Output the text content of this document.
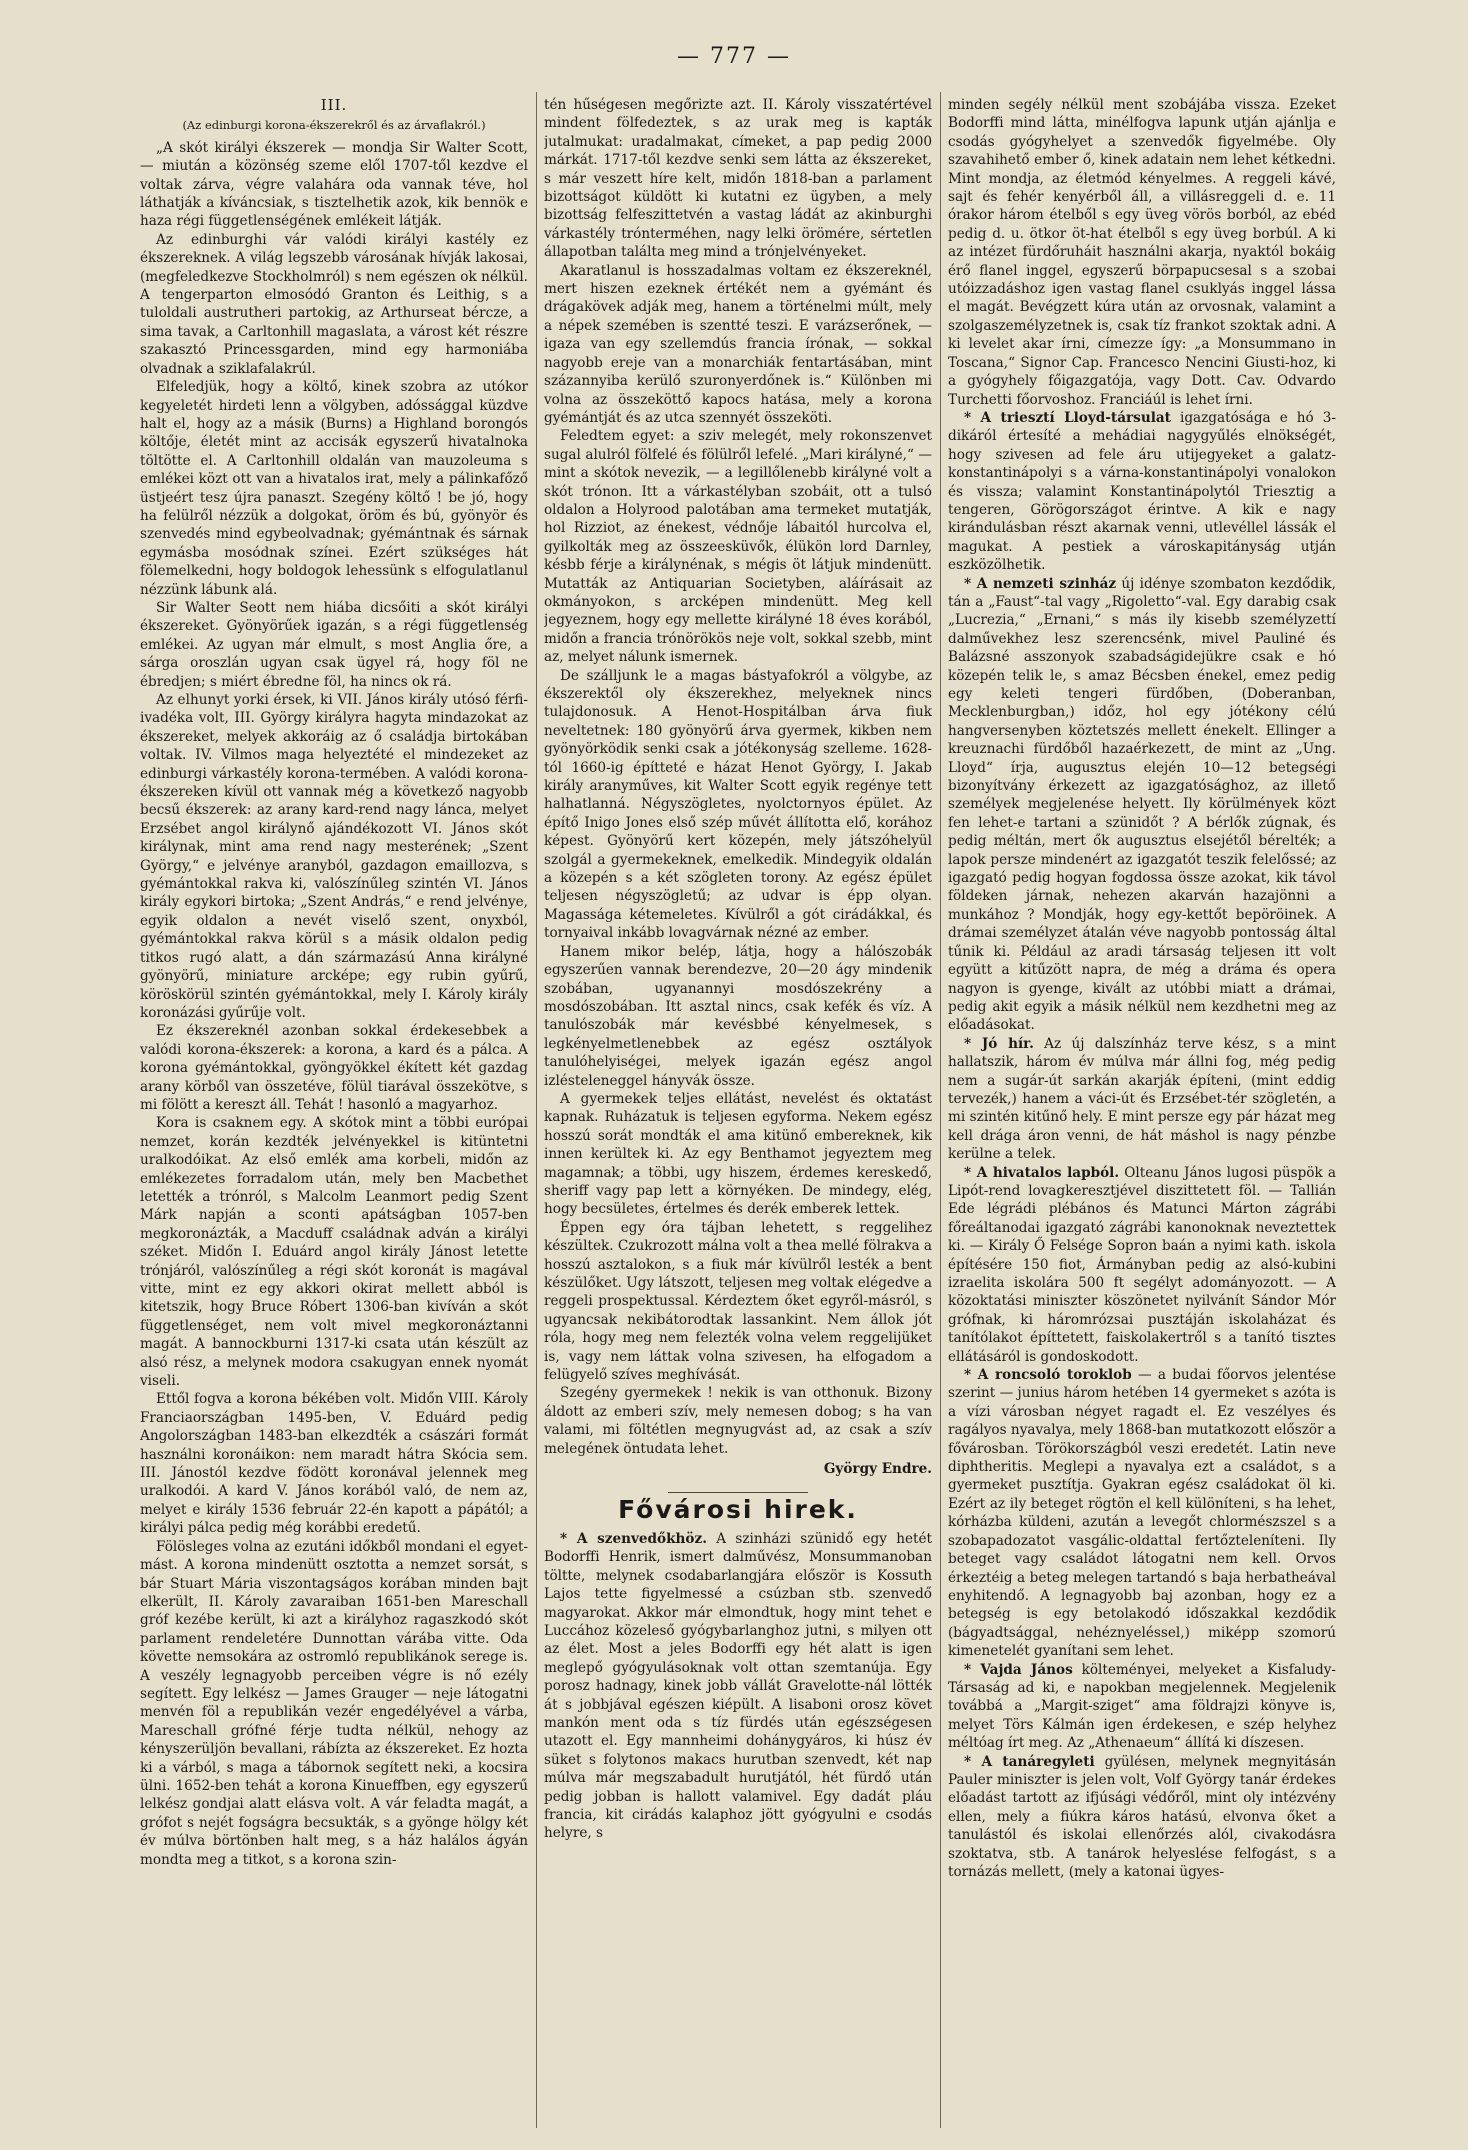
— 777 —
III.
(Az edinburgi korona-ékszerekről és az árvaflakról.)

„A skót királyi ékszerek — mondja Sir Walter Scott, — miután a közönség szeme elől 1707-től kezdve el voltak zárva, végre valahára oda vannak téve, hol láthatják a kíváncsiak, s tisztelhetik azok, kik bennök e haza régi függetlenségének emlékeit látják.

Az edinburghi vár valódi királyi kastély ez ékszereknek. A világ legszebb városának hívják lakosai, (megfeledkezve Stockholmról) s nem egészen ok nélkül. A tengerparton elmosódó Granton és Leithig, s a tuloldali austrutheri partokig, az Arthurseat bércze, a sima tavak, a Carltonhill magaslata, a várost két részre szakasztó Princessgarden, mind egy harmoniába olvadnak a sziklafalakrúl.

Elfeledjük, hogy a költő, kinek szobra az utókor kegyeletét hirdeti lenn a völgyben, adóssággal küzdve halt el, hogy az a másik (Burns) a Highland borongós költője, életét mint az accisák egyszerű hivatalnoka töltötte el. A Carltonhill oldalán van mauzoleuma s emlékei közt ott van a hivatalos irat, mely a pálinkafőző üstjeért tesz újra panaszt. Szegény költő ! be jó, hogy ha felülről nézzük a dolgokat, öröm és bú, gyönyör és szenvedés mind egybeolvadnak; gyémántnak és sárnak egymásba mosódnak színei. Ezért szükséges hát fölemelkedni, hogy boldogok lehessünk s elfogulatlanul nézzünk lábunk alá.

Sir Walter Seott nem hiába dicsőiti a skót királyi ékszereket. Gyönyörűek igazán, s a régi függetlenség emlékei. Az ugyan már elmult, s most Anglia őre, a sárga oroszlán ugyan csak ügyel rá, hogy föl ne ébredjen; s miért ébredne föl, ha nincs ok rá.

Az elhunyt yorki érsek, ki VII. János király utósó férfi-ivadéka volt, III. György királyra hagyta mindazokat az ékszereket, melyek akkoráig az ő családja birtokában voltak. IV. Vilmos maga helyeztété el mindezeket az edinburgi várkastély korona-termében. A valódi korona-ékszereken kívül ott vannak még a következő nagyobb becsű ékszerek: az arany kard-rend nagy lánca, melyet Erzsébet angol királynő ajándékozott VI. János skót királynak, mint ama rend nagy mesterének; „Szent György,“ e jelvénye aranyból, gazdagon emaillozva, s gyémántokkal rakva ki, valószínűleg szintén VI. János király egykori birtoka; „Szent András,“ e rend jelvénye, egyik oldalon a nevét viselő szent, onyxból, gyémántokkal rakva körül s a másik oldalon pedig titkos rugó alatt, a dán származású Anna királyné gyönyörű, miniature arcképe; egy rubin gyűrű, köröskörül szintén gyémántokkal, mely I. Károly király koronázási gyűrűje volt.

Ez ékszereknél azonban sokkal érdekesebbek a valódi korona-ékszerek: a korona, a kard és a pálca. A korona gyémántokkal, gyöngyökkel ékített két gazdag arany körből van összetéve, fölül tiarával összekötve, s mi fölött a kereszt áll. Tehát ! hasonló a magyarhoz.

Kora is csaknem egy. A skótok mint a többi európai nemzet, korán kezdték jelvényekkel is kitüntetni uralkodóikat. Az első emlék ama korbeli, midőn az emlékezetes forradalom után, mely ben Macbethet letették a trónról, s Malcolm Leanmort pedig Szent Márk napján a sconti apátságban 1057-ben megkoronázták, a Macduff családnak adván a királyi széket. Midőn I. Eduárd angol király Jánost letette trónjáról, valószínűleg a régi skót koronát is magával vitte, mint ez egy akkori okirat mellett abból is kitetszik, hogy Bruce Róbert 1306-ban kivíván a skót függetlenséget, nem volt mivel megkoronáztanni magát. A bannockburni 1317-ki csata után készült az alsó rész, a melynek modora csakugyan ennek nyomát viseli.

Ettől fogva a korona békében volt. Midőn VIII. Károly Franciaországban 1495-ben, V. Eduárd pedig Angolországban 1483-ban elkezdték a császári formát használni koronáikon: nem maradt hátra Skócia sem. III. Jánostól kezdve födött koronával jelennek meg uralkodói. A kard V. János korából való, de nem az, melyet e király 1536 február 22-én kapott a pápától; a királyi pálca pedig még korábbi eredetű.

Fölösleges volna az ezutáni időkből mondani el egyet-mást. A korona mindenütt osztotta a nemzet sorsát, s bár Stuart Mária viszontagságos korában minden bajt elkerült, II. Károly zavaraiban 1651-ben Mareschall gróf kezébe került, ki azt a királyhoz ragaszkodó skót parlament rendeletére Dunnottan várába vitte. Oda követte nemsokára az ostromló republikánok serege is. A veszély legnagyobb perceiben végre is nő ezély segített. Egy lelkész — James Grauger — neje látogatni menvén föl a republikán vezér engedélyével a várba, Mareschall grófné férje tudta nélkül, nehogy az kényszerüljön bevallani, rábízta az ékszereket. Ez hozta ki a várból, s maga a tábornok segített neki, a kocsira ülni. 1652-ben tehát a korona Kinueffben, egy egyszerű lelkész gondjai alatt elásva volt. A vár feladta magát, a grófot s nejét fogságra becsukták, s a gyönge hölgy két év múlva börtönben halt meg, s a ház halálos ágyán mondta meg a titkot, s a korona szin-

tén hűségesen megőrizte azt. II. Károly visszatértével mindent fölfedeztek, s az urak meg is kapták jutalmukat: uradalmakat, címeket, a pap pedig 2000 márkát. 1717-től kezdve senki sem látta az ékszereket, s már veszett híre kelt, midőn 1818-ban a parlament bizottságot küldött ki kutatni ez ügyben, a mely bizottság felfeszittetvén a vastag ládát az akinburghi várkastély trónterméhen, nagy lelki örömére, sértetlen állapotban találta meg mind a trónjelvényeket.

Akaratlanul is hosszadalmas voltam ez ékszereknél, mert hiszen ezeknek értékét nem a gyémánt és drágakövek adják meg, hanem a történelmi múlt, mely a népek szemében is szentté teszi. E varázserőnek, — igaza van egy szellemdús francia írónak, — sokkal nagyobb ereje van a monarchiák fentartásában, mint százannyiba kerülő szuronyerdőnek is.“ Különben mi volna az összeköttő kapocs hatása, mely a korona gyémántját és az utca szennyét összeköti.

Feledtem egyet: a sziv melegét, mely rokonszenvet sugal alulról fölfelé és fölülről lefelé. „Mari királyné,“ — mint a skótok nevezik, — a legillőlenebb királyné volt a skót trónon. Itt a várkastélyban szobáit, ott a tulsó oldalon a Holyrood palotában ama termeket mutatják, hol Rizziot, az énekest, védnője lábaitól hurcolva el, gyilkolták meg az összeesküvők, élükön lord Darnley, késbb férje a királynénak, s mégis öt látjuk mindenütt. Mutatták az Antiquarian Societyben, aláírásait az okmányokon, s arcképen mindenütt. Meg kell jegyeznem, hogy egy mellette királyné 18 éves korából, midőn a francia trónörökös neje volt, sokkal szebb, mint az, melyet nálunk ismernek.

De szálljunk le a magas bástyafokról a völgybe, az ékszerektől oly ékszerekhez, melyeknek nincs tulajdonosuk. A Henot-Hospitálban árva fiuk neveltetnek: 180 gyönyörű árva gyermek, kikben nem gyönyörködik senki csak a jótékonyság szelleme. 1628-tól 1660-ig építteté e házat Henot György, I. Jakab király aranyműves, kit Walter Scott egyik regénye tett halhatlanná. Négyszögletes, nyolctornyos épület. Az építő Inigo Jones első szép művét állította elő, korához képest. Gyönyörű kert közepén, mely játszóhelyül szolgál a gyermekeknek, emelkedik. Mindegyik oldalán a közepén s a két szögleten torony. Az egész épület teljesen négyszögletű; az udvar is épp olyan. Magassága kétemeletes. Kívülről a gót cirádákkal, és tornyaival inkább lovagvárnak nézné az ember.

Hanem mikor belép, látja, hogy a hálószobák egyszerűen vannak berendezve, 20—20 ágy mindenik szobában, ugyanannyi mosdószekrény a mosdószobában. Itt asztal nincs, csak kefék és víz. A tanulószobák már kevésbbé kényelmesek, s legkényelmetlenebbek az egész osztályok tanulóhelyiségei, melyek igazán egész angol izlésteleneggel hányvák össze.

A gyermekek teljes ellátást, nevelést és oktatást kapnak. Ruházatuk is teljesen egyforma. Nekem egész hosszú sorát mondták el ama kitünő embereknek, kik innen kerültek ki. Az egy Benthamot jegyeztem meg magamnak; a többi, ugy hiszem, érdemes kereskedő, sheriff vagy pap lett a környéken. De mindegy, elég, hogy becsületes, értelmes és derék emberek lettek.

Éppen egy óra tájban lehetett, s reggelihez készültek. Czukrozott málna volt a thea mellé fölrakva a hosszú asztalokon, s a fiuk már kívülről lesték a bent készülőket. Ugy látszott, teljesen meg voltak elégedve a reggeli prospektussal. Kérdeztem őket egyről-másról, s ugyancsak nekibátorodtak lassankint. Nem állok jót róla, hogy meg nem felezték volna velem reggelijüket is, vagy nem láttak volna szivesen, ha elfogadom a felügyelő szíves meghívását.

Szegény gyermekek ! nekik is van otthonuk. Bizony áldott az emberi szív, mely nemesen dobog; s ha van valami, mi föltétlen megnyugvást ad, az csak a szív melegének öntudata lehet.

György Endre.
Fővárosi hirek.

* A szenvedőkhöz. A szinházi szünidő egy hetét Bodorffi Henrik, ismert dalművész, Monsummanoban töltte, melynek csodabarlangjára először is Kossuth Lajos tette figyelmessé a csúzban stb. szenvedő magyarokat. Akkor már elmondtuk, hogy mint tehet e Luccához közeleső gyógybarlanghoz jutni, s milyen ott az élet. Most a jeles Bodorffi egy hét alatt is igen meglepő gyógyulásoknak volt ottan szemtanúja. Egy porosz hadnagy, kinek jobb vállát Gravelotte-nál lötték át s jobbjával egészen kiépült. A lisaboni orosz követ mankón ment oda s tíz fürdés után egészségesen utazott el. Egy mannheimi dohánygyáros, ki húsz év süket s folytonos makacs hurutban szenvedt, két nap múlva már megszabadult hurutjától, hét fürdő után pedig jobban is hallott valamivel. Egy dadát pláu francia, kit cirádás kalaphoz jött gyógyulni e csodás helyre, s

minden segély nélkül ment szobájába vissza. Ezeket Bodorffi mind látta, minélfogva lapunk utján ajánlja e csodás gyógyhelyet a szenvedők figyelmébe. Oly szavahihető ember ő, kinek adatain nem lehet kétkedni. Mint mondja, az életmód kényelmes. A reggeli kávé, sajt és fehér kenyérből áll, a villásreggeli d. e. 11 órakor három ételből s egy üveg vörös borból, az ebéd pedig d. u. ötkor öt-hat ételből s egy üveg borbúl. A ki az intézet fürdőruháit használni akarja, nyaktól bokáig érő flanel inggel, egyszerű börpapucsesal s a szobai utóizzadáshoz igen vastag flanel csuklyás inggel lássa el magát. Bevégzett kúra után az orvosnak, valamint a szolgaszemélyzetnek is, csak tíz frankot szoktak adni. A ki levelet akar írni, címezze így: „a Monsummano in Toscana,“ Signor Cap. Francesco Nencini Giusti-hoz, ki a gyógyhely főigazgatója, vagy Dott. Cav. Odvardo Turchetti főorvoshoz. Franciáúl is lehet írni.

* A triesztí Lloyd-társulat igazgatósága e hó 3-dikáról értesíté a mehádiai nagygyűlés elnökségét, hogy szivesen ad fele áru utijegyeket a galatz-konstantinápolyi s a várna-konstantinápolyi vonalokon és vissza; valamint Konstantinápolytól Triesztig a tengeren, Görögországot érintve. A kik e nagy kirándulásban részt akarnak venni, utlevéllel lássák el magukat. A pestiek a városkapitányság utján eszközölhetik.

* A nemzeti szinház új idénye szombaton kezdődik, tán a „Faust“-tal vagy „Rigoletto“-val. Egy darabig csak „Lucrezia,“ „Ernani,“ s más ily kisebb személyzettí dalművekhez lesz szerencsénk, mivel Pauliné és Balázsné asszonyok szabadságidejükre csak e hó közepén telik le, s amaz Bécsben énekel, emez pedig egy keleti tengeri fürdőben, (Doberanban, Mecklenburgban,) időz, hol egy jótékony célú hangversenyben köztetszés mellett énekelt. Ellinger a kreuznachi fürdőből hazaérkezett, de mint az „Ung. Lloyd“ írja, augusztus elején 10—12 betegségi bizonyítvány érkezett az igazgatósághoz, az illető személyek megjelenése helyett. Ily körülmények közt fen lehet-e tartani a szünidőt ? A bérlők zúgnak, és pedig méltán, mert ők augusztus elsejétől bérelték; a lapok persze mindenért az igazgatót teszik felelőssé; az igazgató pedig hogyan fogdossa össze azokat, kik távol földeken járnak, nehezen akarván hazajönni a munkához ? Mondják, hogy egy-kettőt bepöröinek. A drámai személyzet átalán véve nagyobb pontosság által tűnik ki. Például az aradi társaság teljesen itt volt együtt a kitűzött napra, de még a dráma és opera nagyon is gyenge, kivált az utóbbi miatt a drámai, pedig akit egyik a másik nélkül nem kezdhetni meg az előadásokat.

* Jó hír. Az új dalszínház terve kész, s a mint hallatszik, három év múlva már állni fog, még pedig nem a sugár-út sarkán akarják építeni, (mint eddig tervezék,) hanem a váci-út és Erzsébet-tér szögletén, a mi szintén kitűnő hely. E mint persze egy pár házat meg kell drága áron venni, de hát máshol is nagy pénzbe kerülne a telek.

* A hivatalos lapból. Olteanu János lugosi püspök a Lipót-rend lovagkeresztjével diszittetett föl. — Tallián Ede légrádi plébános és Matunci Márton zágrábi főreáltanodai igazgató zágrábi kanonoknak neveztettek ki. — Király Ő Felsége Sopron baán a nyimi kath. iskola építésére 150 fiot, Ármányban pedig az alsó-kubini izraelita iskolára 500 ft segélyt adományozott. — A közoktatási miniszter köszönetet nyilvánít Sándor Mór grófnak, ki háromrózsai pusztáján iskolaházat és tanítólakot építtetett, faiskolakertről s a tanító tisztes ellátásáról is gondoskodott.

* A roncsoló toroklob — a budai főorvos jelentése szerint — junius három hetében 14 gyermeket s azóta is a vízi városban négyet ragadt el. Ez veszélyes és ragályos nyavalya, mely 1868-ban mutatkozott először a fővárosban. Törökországból veszi eredetét. Latin neve diphtheritis. Meglepi a nyavalya ezt a családot, s a gyermeket pusztítja. Gyakran egész családokat öl ki. Ezért az ily beteget rögtön el kell különíteni, s ha lehet, kórházba küldeni, azután a levegőt chlormészszel s a szobapadozatot vasgálic-oldattal fertőzteleníteni. Ily beteget vagy családot látogatni nem kell. Orvos érkeztéig a beteg melegen tartandó s baja herbatheával enyhitendő. A legnagyobb baj azonban, hogy ez a betegség is egy betolakodó időszakkal kezdődik (bágyadtsággal, nehéznyeléssel,) miképp szomorú kimenetelét gyanítani sem lehet.

* Vajda János költeményei, melyeket a Kisfaludy-Társaság ad ki, e napokban megjelennek. Megjelenik továbbá a „Margit-sziget“ ama földrajzi könyve is, melyet Törs Kálmán igen érdekesen, e szép helyhez méltóag írt meg. Az „Athenaeum“ állítá ki díszesen.

* A tanáregyleti gyülésen, melynek megnyitásán Pauler miniszter is jelen volt, Volf György tanár érdekes előadást tartott az ifjúsági védőről, mint oly intézvény ellen, mely a fiúkra káros hatású, elvonva őket a tanulástól és iskolai ellenőrzés alól, civakodásra szoktatva, stb. A tanárok helyeslése felfogást, s a tornázás mellett, (mely a katonai ügyes-
